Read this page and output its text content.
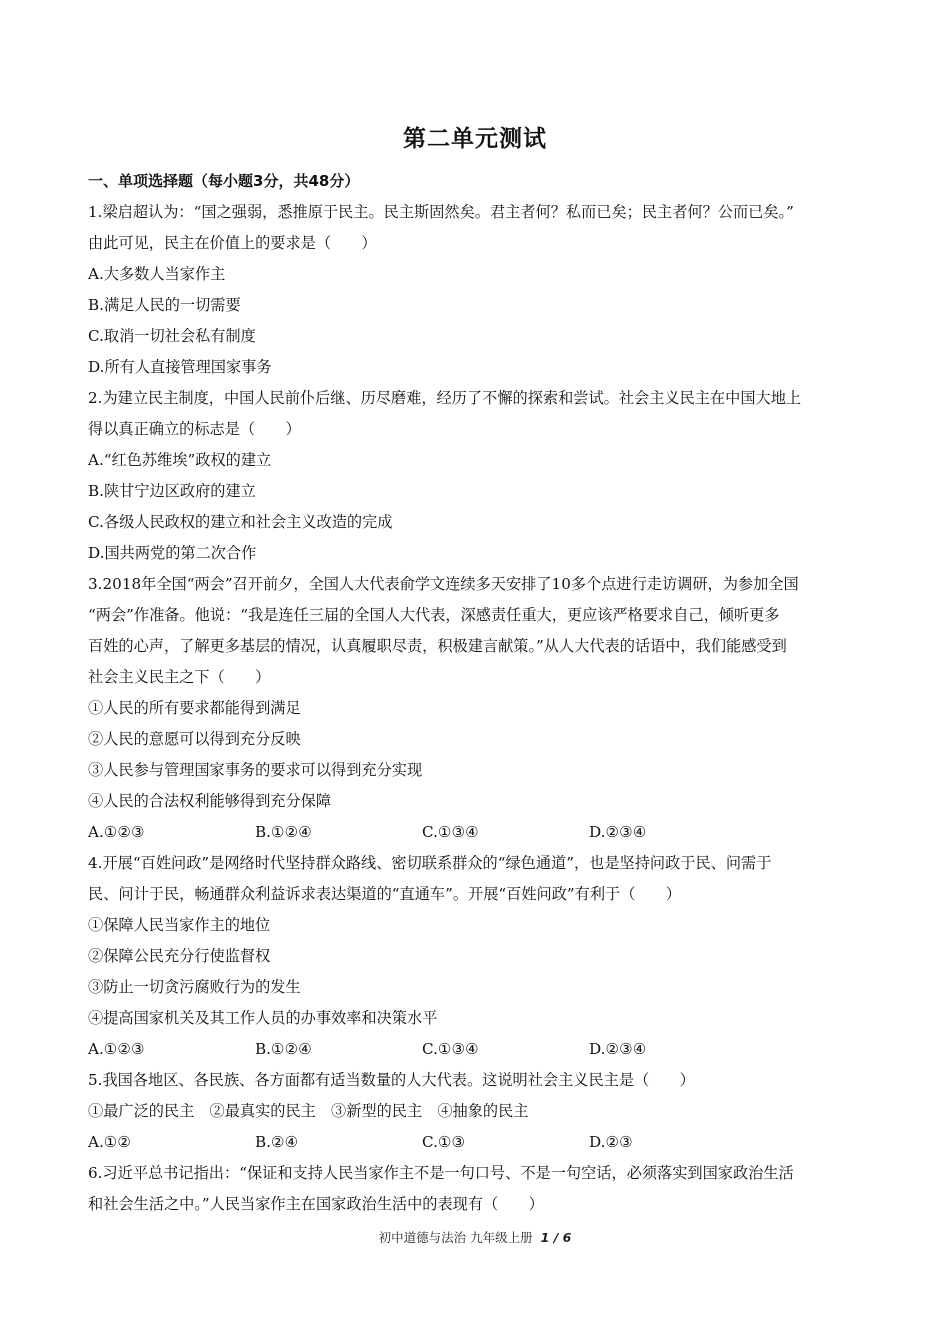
第二单元测试
一、单项选择题（每小题3分，共48分）
1.梁启超认为：“国之强弱，悉推原于民主。民主斯固然矣。君主者何？私而已矣；民主者何？公而已矣。”
由此可见，民主在价值上的要求是（　　）
A.大多数人当家作主
B.满足人民的一切需要
C.取消一切社会私有制度
D.所有人直接管理国家事务
2.为建立民主制度，中国人民前仆后继、历尽磨难，经历了不懈的探索和尝试。社会主义民主在中国大地上
得以真正确立的标志是（　　）
A.“红色苏维埃”政权的建立
B.陕甘宁边区政府的建立
C.各级人民政权的建立和社会主义改造的完成
D.国共两党的第二次合作
3.2018年全国“两会”召开前夕，全国人大代表俞学文连续多天安排了10多个点进行走访调研，为参加全国
“两会”作准备。他说：“我是连任三届的全国人大代表，深感责任重大，更应该严格要求自己，倾听更多
百姓的心声，了解更多基层的情况，认真履职尽责，积极建言献策。”从人大代表的话语中，我们能感受到
社会主义民主之下（　　）
①人民的所有要求都能得到满足
②人民的意愿可以得到充分反映
③人民参与管理国家事务的要求可以得到充分实现
④人民的合法权利能够得到充分保障
A.①②③	B.①②④	C.①③④	D.②③④
4.开展“百姓问政”是网络时代坚持群众路线、密切联系群众的“绿色通道”，也是坚持问政于民、问需于
民、问计于民，畅通群众利益诉求表达渠道的“直通车”。开展“百姓问政”有利于（　　）
①保障人民当家作主的地位
②保障公民充分行使监督权
③防止一切贪污腐败行为的发生
④提高国家机关及其工作人员的办事效率和决策水平
A.①②③	B.①②④	C.①③④	D.②③④
5.我国各地区、各民族、各方面都有适当数量的人大代表。这说明社会主义民主是（　　）
①最广泛的民主　②最真实的民主　③新型的民主　④抽象的民主
A.①②	B.②④	C.①③	D.②③
6.习近平总书记指出：“保证和支持人民当家作主不是一句口号、不是一句空话，必须落实到国家政治生活
和社会生活之中。”人民当家作主在国家政治生活中的表现有（　　）
初中道德与法治 九年级上册 1 / 6
